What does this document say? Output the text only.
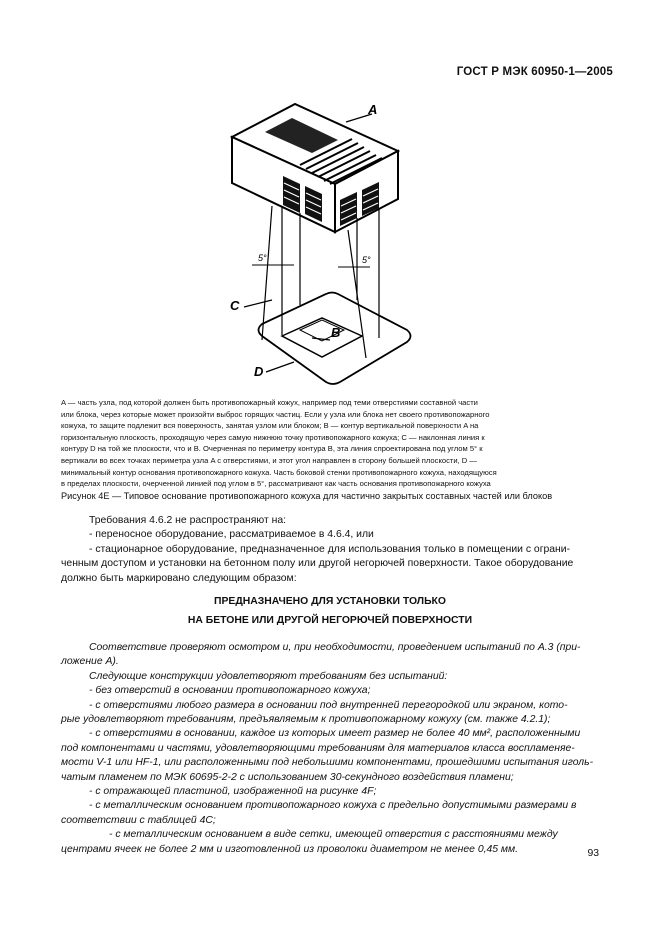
ГОСТ Р МЭК 60950-1—2005
A
5°	5°
B
C
D
A — часть узла, под которой должен быть противопожарный кожух, например под теми отверстиями составной части
или блока, через которые может произойти выброс горящих частиц. Если у узла или блока нет своего противопожарного
кожуха, то защите подлежит вся поверхность, занятая узлом или блоком; B — контур вертикальной поверхности A на
горизонтальную плоскость, проходящую через самую нижнюю точку противопожарного кожуха; C — наклонная линия к
контуру D на той же плоскости, что и B. Очерченная по периметру контура B, эта линия спроектирована под углом 5° к
вертикали во всех точках периметра узла A с отверстиями, и этот угол направлен в сторону большей плоскости, D —
минимальный контур основания противопожарного кожуха. Часть боковой стенки противопожарного кожуха, находящуюся
в пределах плоскости, очерченной линией под углом в 5°, рассматривают как часть основания противопожарного кожуха
Рисунок 4E — Типовое основание противопожарного кожуха для частично закрытых составных частей или блоков

Требования 4.6.2 не распространяют на:

- переносное оборудование, рассматриваемое в 4.6.4, или

- стационарное оборудование, предназначенное для использования только в помещении с ограни-

ченным доступом и установки на бетонном полу или другой негорючей поверхности. Такое оборудование

должно быть маркировано следующим образом:

ПРЕДНАЗНАЧЕНО ДЛЯ УСТАНОВКИ ТОЛЬКО
НА БЕТОНЕ ИЛИ ДРУГОЙ НЕГОРЮЧЕЙ ПОВЕРХНОСТИ

Соответствие проверяют осмотром и, при необходимости, проведением испытаний по А.3 (при-

ложение А).

Следующие конструкции удовлетворяют требованиям без испытаний:

- без отверстий в основании противопожарного кожуха;

- с отверстиями любого размера в основании под внутренней перегородкой или экраном, кото-

рые удовлетворяют требованиям, предъявляемым к противопожарному кожуху (см. также 4.2.1);

- с отверстиями в основании, каждое из которых имеет размер не более 40 мм², расположенными

под компонентами и частями, удовлетворяющими требованиям для материалов класса воспламеняе-

мости V-1 или HF-1, или расположенными под небольшими компонентами, прошедшими испытания иголь-

чатым пламенем по МЭК 60695-2-2 с использованием 30-секундного воздействия пламени;

- с отражающей пластиной, изображенной на рисунке 4F;

- с металлическим основанием противопожарного кожуха с предельно допустимыми размерами в

соответствии с таблицей 4C;

- с металлическим основанием в виде сетки, имеющей отверстия с расстояниями между

центрами ячеек не более 2 мм и изготовленной из проволоки диаметром не менее 0,45 мм.	93
